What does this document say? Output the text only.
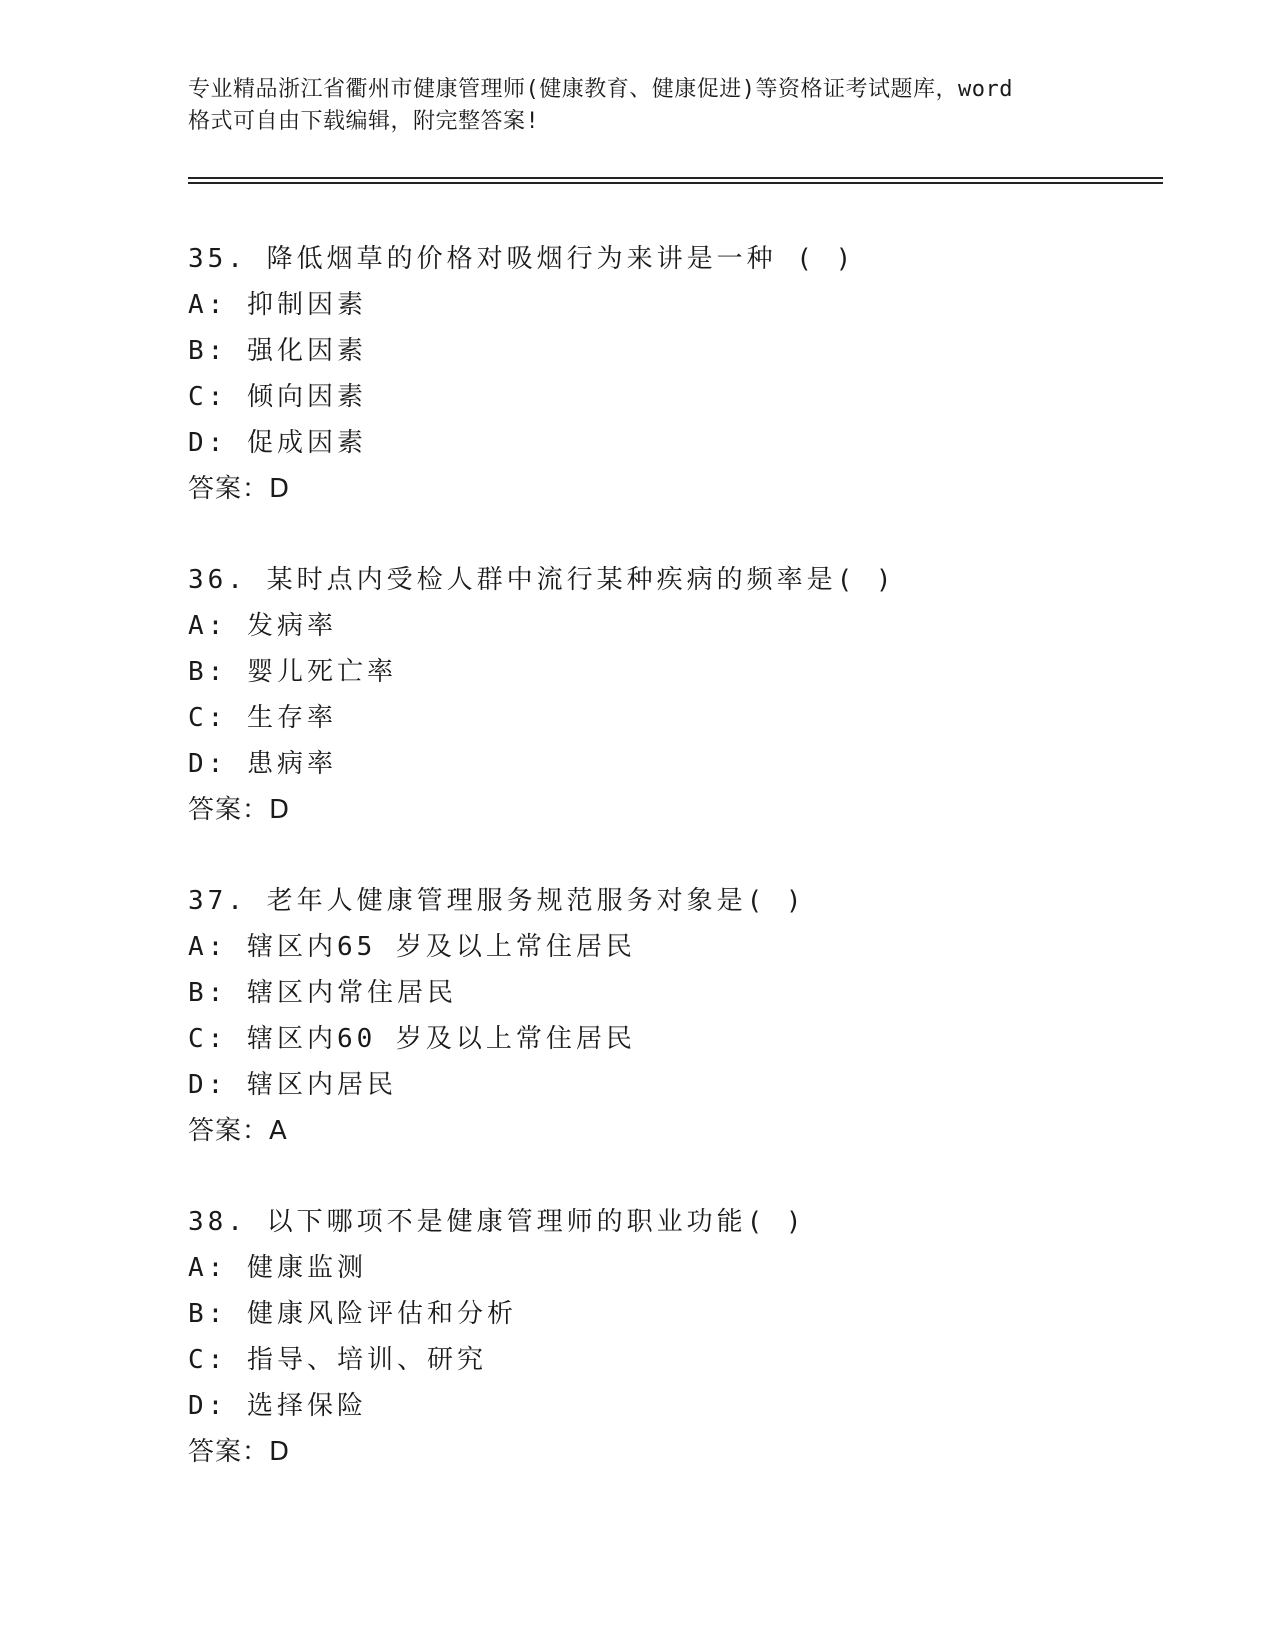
专业精品浙江省衢州市健康管理师(健康教育、健康促进)等资格证考试题库，word
格式可自由下载编辑，附完整答案!
35. 降低烟草的价格对吸烟行为来讲是一种 ( )
A: 抑制因素
B: 强化因素
C: 倾向因素
D: 促成因素
答案：D
36. 某时点内受检人群中流行某种疾病的频率是( )
A: 发病率
B: 婴儿死亡率
C: 生存率
D: 患病率
答案：D
37. 老年人健康管理服务规范服务对象是( )
A: 辖区内65 岁及以上常住居民
B: 辖区内常住居民
C: 辖区内60 岁及以上常住居民
D: 辖区内居民
答案：A
38. 以下哪项不是健康管理师的职业功能( )
A: 健康监测
B: 健康风险评估和分析
C: 指导、培训、研究
D: 选择保险
答案：D
